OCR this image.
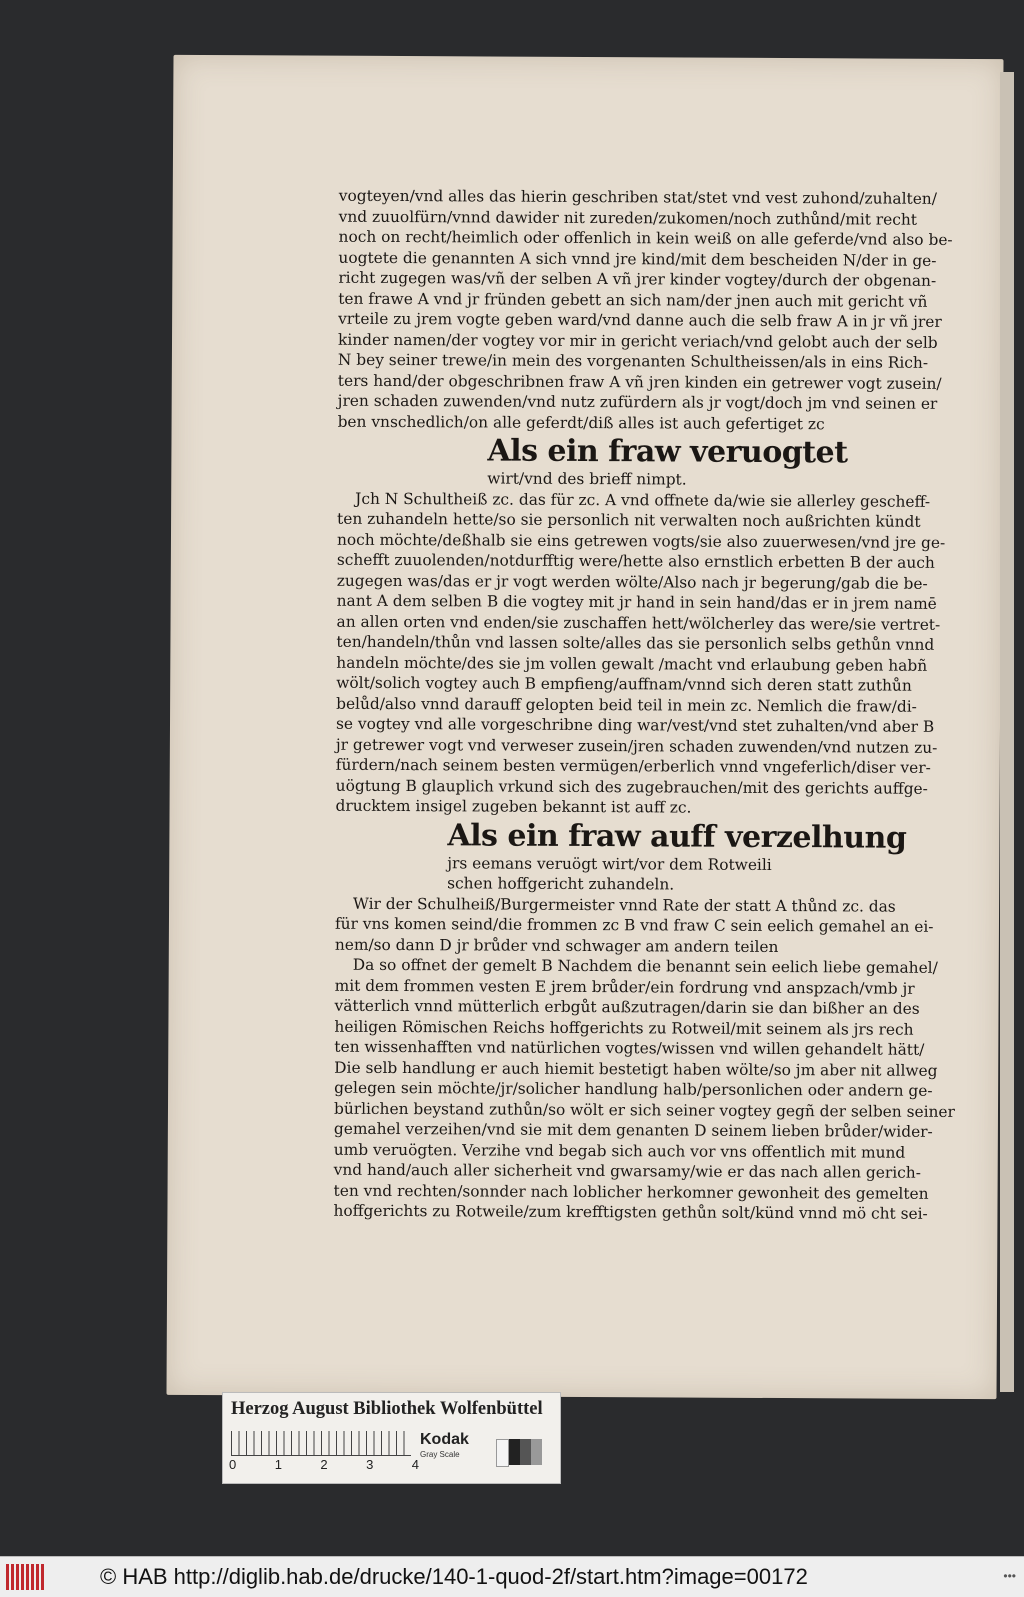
vogteyen/vnd alles das hierin geschriben stat/stet vnd vest zuhond/zuhalten/

vnd zuuolfürn/vnnd dawider nit zureden/zukomen/noch zuthůnd/mit recht

noch on recht/heimlich oder offenlich in kein weiß on alle geferde/vnd also be-

uogtete die genannten A sich vnnd jre kind/mit dem bescheiden N/der in ge-

richt zugegen was/vñ der selben A vñ jrer kinder vogtey/durch der obgenan-

ten frawe A vnd jr fründen gebett an sich nam/der jnen auch mit gericht vñ

vrteile zu jrem vogte geben ward/vnd danne auch die selb fraw A in jr vñ jrer

kinder namen/der vogtey vor mir in gericht veriach/vnd gelobt auch der selb

N bey seiner trewe/in mein des vorgenanten Schultheissen/als in eins Rich-

ters hand/der obgeschribnen fraw A vñ jren kinden ein getrewer vogt zusein/

jren schaden zuwenden/vnd nutz zufürdern als jr vogt/doch jm vnd seinen er

ben vnschedlich/on alle geferdt/diß alles ist auch gefertiget zc

Als ein fraw veruogtet
wirt/vnd des brieff nimpt.

Jch N Schultheiß zc. das für zc. A vnd offnete da/wie sie allerley gescheff-

ten zuhandeln hette/so sie personlich nit verwalten noch außrichten kündt

noch möchte/deßhalb sie eins getrewen vogts/sie also zuuerwesen/vnd jre ge-

schefft zuuolenden/notdurfftig were/hette also ernstlich erbetten B der auch

zugegen was/das er jr vogt werden wölte/Also nach jr begerung/gab die be-

nant A dem selben B die vogtey mit jr hand in sein hand/das er in jrem namē

an allen orten vnd enden/sie zuschaffen hett/wölcherley das were/sie vertret-

ten/handeln/thůn vnd lassen solte/alles das sie personlich selbs gethůn vnnd

handeln möchte/des sie jm vollen gewalt /macht vnd erlaubung geben habñ

wölt/solich vogtey auch B empfieng/auffnam/vnnd sich deren statt zuthůn

belůd/also vnnd darauff gelopten beid teil in mein zc. Nemlich die fraw/di-

se vogtey vnd alle vorgeschribne ding war/vest/vnd stet zuhalten/vnd aber B

jr getrewer vogt vnd verweser zusein/jren schaden zuwenden/vnd nutzen zu-

fürdern/nach seinem besten vermügen/erberlich vnnd vngeferlich/diser ver-

uögtung B glauplich vrkund sich des zugebrauchen/mit des gerichts auffge-

drucktem insigel zugeben bekannt ist auff zc.

Als ein fraw auff verzelhung

jrs eemans veruögt wirt/vor dem Rotweili

schen hoffgericht zuhandeln.

Wir der Schulheiß/Burgermeister vnnd Rate der statt A thůnd zc. das

für vns komen seind/die frommen zc B vnd fraw C sein eelich gemahel an ei-

nem/so dann D jr brůder vnd schwager am andern teilen

Da so offnet der gemelt B Nachdem die benannt sein eelich liebe gemahel/

mit dem frommen vesten E jrem brůder/ein fordrung vnd anspzach/vmb jr

vätterlich vnnd mütterlich erbgůt außzutragen/darin sie dan bißher an des

heiligen Römischen Reichs hoffgerichts zu Rotweil/mit seinem als jrs rech

ten wissenhafften vnd natürlichen vogtes/wissen vnd willen gehandelt hätt/

Die selb handlung er auch hiemit bestetigt haben wölte/so jm aber nit allweg

gelegen sein möchte/jr/solicher handlung halb/personlichen oder andern ge-

bürlichen beystand zuthůn/so wölt er sich seiner vogtey gegñ der selben seiner

gemahel verzeihen/vnd sie mit dem genanten D seinem lieben brůder/wider-

umb veruögten. Verzihe vnd begab sich auch vor vns offentlich mit mund

vnd hand/auch aller sicherheit vnd gwarsamy/wie er das nach allen gerich-

ten vnd rechten/sonnder nach loblicher herkomner gewonheit des gemelten

hoffgerichts zu Rotweile/zum krefftigsten gethůn solt/künd vnnd mö cht sei-

Herzog August Bibliothek Wolfenbüttel
0	1	2	3	4
Kodak
Gray Scale
© HAB http://diglib.hab.de/drucke/140-1-quod-2f/start.htm?image=00172	•••
